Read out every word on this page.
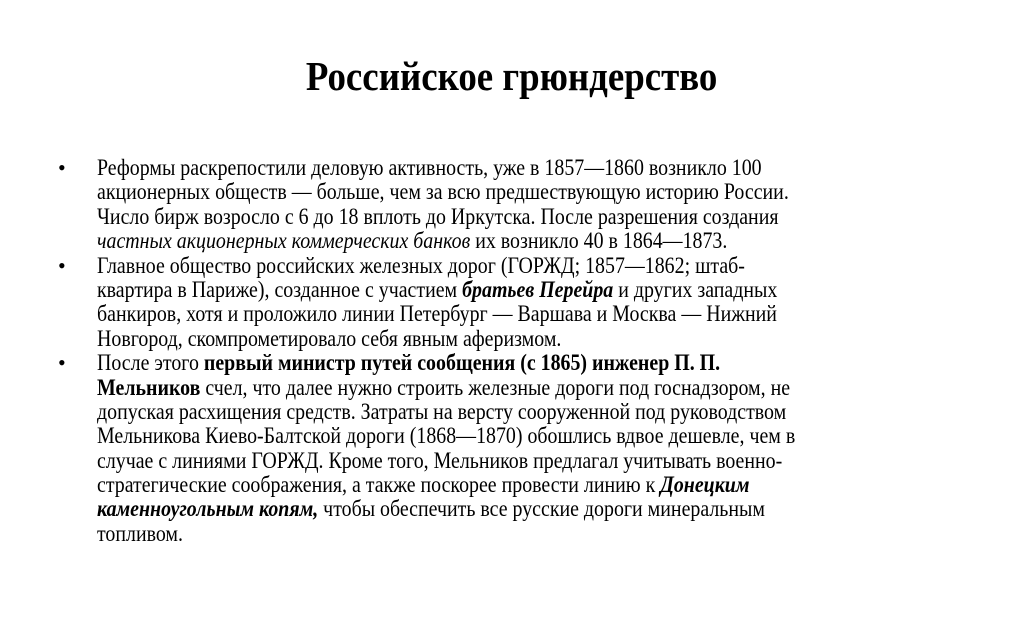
Российское грюндерство
• Реформы раскрепостили деловую активность, уже в 1857—1860 возникло 100
акционерных обществ — больше, чем за всю предшествующую историю России.
Число бирж возросло с 6 до 18 вплоть до Иркутска. После разрешения создания
частных акционерных коммерческих банков их возникло 40 в 1864—1873.
• Главное общество российских железных дорог (ГОРЖД; 1857—1862; штаб-
квартира в Париже), созданное с участием братьев Перейра и других западных
банкиров, хотя и проложило линии Петербург — Варшава и Москва — Нижний
Новгород, скомпрометировало себя явным аферизмом.
• После этого первый министр путей сообщения (с 1865) инженер П. П.
Мельников счел, что далее нужно строить железные дороги под госнадзором, не
допуская расхищения средств. Затраты на версту сооруженной под руководством
Мельникова Киево-Балтской дороги (1868—1870) обошлись вдвое дешевле, чем в
случае с линиями ГОРЖД. Кроме того, Мельников предлагал учитывать военно-
стратегические соображения, а также поскорее провести линию к Донецким
каменноугольным копям, чтобы обеспечить все русские дороги минеральным
топливом.
